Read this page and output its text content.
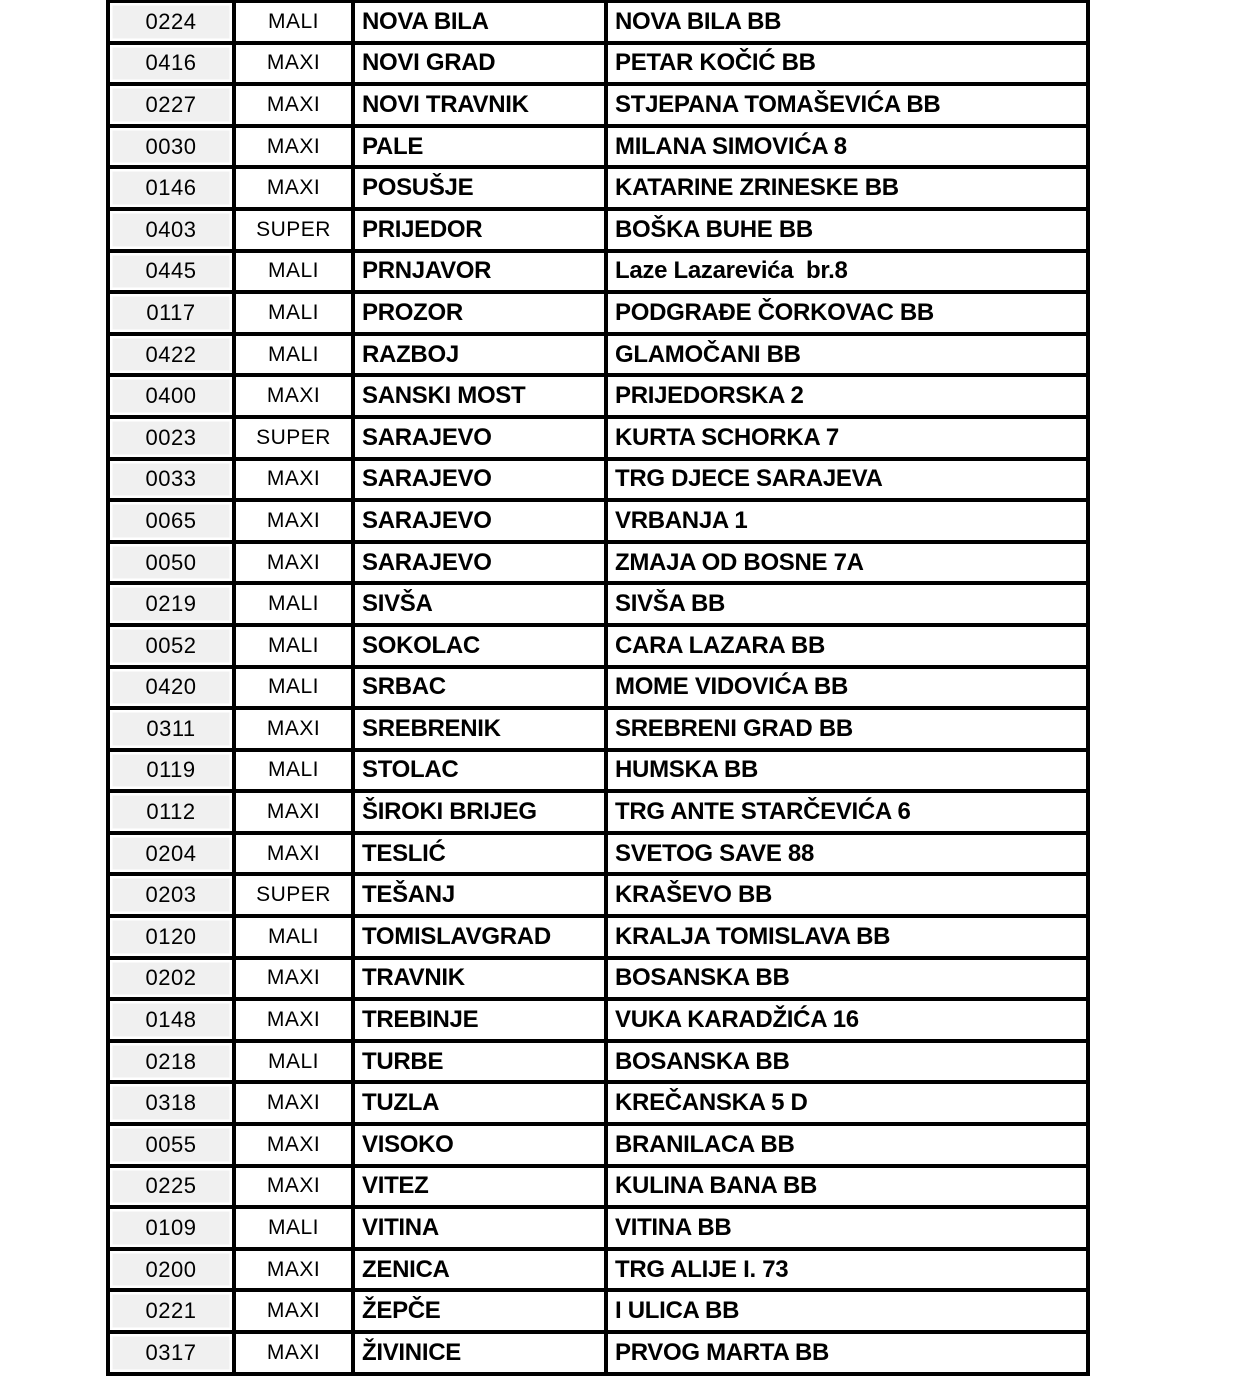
0224	MALI	NOVA BILA	NOVA BILA BB
0416	MAXI	NOVI GRAD	PETAR KOČIĆ BB
0227	MAXI	NOVI TRAVNIK	STJEPANA TOMAŠEVIĆA BB
0030	MAXI	PALE	MILANA SIMOVIĆA 8
0146	MAXI	POSUŠJE	KATARINE ZRINESKE BB
0403	SUPER	PRIJEDOR	BOŠKA BUHE BB
0445	MALI	PRNJAVOR	Laze Lazarevića  br.8
0117	MALI	PROZOR	PODGRAĐE ČORKOVAC BB
0422	MALI	RAZBOJ	GLAMOČANI BB
0400	MAXI	SANSKI MOST	PRIJEDORSKA 2
0023	SUPER	SARAJEVO	KURTA SCHORKA 7
0033	MAXI	SARAJEVO	TRG DJECE SARAJEVA
0065	MAXI	SARAJEVO	VRBANJA 1
0050	MAXI	SARAJEVO	ZMAJA OD BOSNE 7A
0219	MALI	SIVŠA	SIVŠA BB
0052	MALI	SOKOLAC	CARA LAZARA BB
0420	MALI	SRBAC	MOME VIDOVIĆA BB
0311	MAXI	SREBRENIK	SREBRENI GRAD BB
0119	MALI	STOLAC	HUMSKA BB
0112	MAXI	ŠIROKI BRIJEG	TRG ANTE STARČEVIĆA 6
0204	MAXI	TESLIĆ	SVETOG SAVE 88
0203	SUPER	TEŠANJ	KRAŠEVO BB
0120	MALI	TOMISLAVGRAD	KRALJA TOMISLAVA BB
0202	MAXI	TRAVNIK	BOSANSKA BB
0148	MAXI	TREBINJE	VUKA KARADŽIĆA 16
0218	MALI	TURBE	BOSANSKA BB
0318	MAXI	TUZLA	KREČANSKA 5 D
0055	MAXI	VISOKO	BRANILACA BB
0225	MAXI	VITEZ	KULINA BANA BB
0109	MALI	VITINA	VITINA BB
0200	MAXI	ZENICA	TRG ALIJE I. 73
0221	MAXI	ŽEPČE	I ULICA BB
0317	MAXI	ŽIVINICE	PRVOG MARTA BB
